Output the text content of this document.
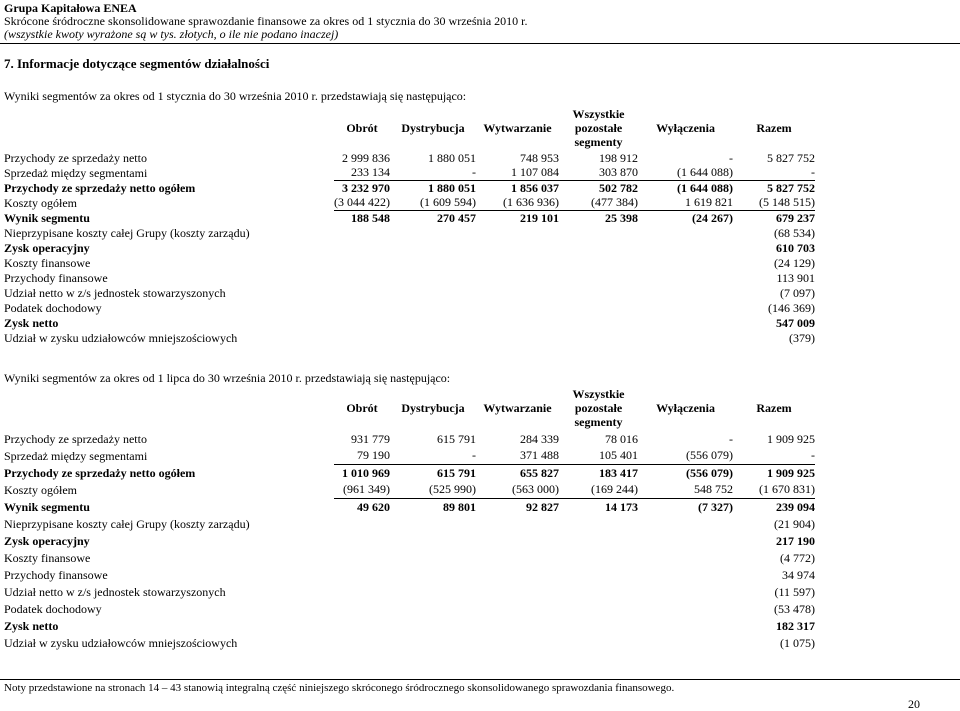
Grupa Kapitałowa ENEA
Skrócone śródroczne skonsolidowane sprawozdanie finansowe za okres od 1 stycznia do 30 września 2010 r.
(wszystkie kwoty wyrażone są w tys. złotych, o ile nie podano inaczej)
7. Informacje dotyczące segmentów działalności
Wyniki segmentów za okres od 1 stycznia do 30 września 2010 r. przedstawiają się następująco:
	Obrót	Dystrybucja	Wytwarzanie	Wszystkie
pozostałe
segmenty	Wyłączenia	Razem
Przychody ze sprzedaży netto	2 999 836	1 880 051	748 953	198 912	-	5 827 752
Sprzedaż między segmentami	233 134	-	1 107 084	303 870	(1 644 088)	-
Przychody ze sprzedaży netto ogółem	3 232 970	1 880 051	1 856 037	502 782	(1 644 088)	5 827 752
Koszty ogółem	(3 044 422)	(1 609 594)	(1 636 936)	(477 384)	1 619 821	(5 148 515)
Wynik segmentu	188 548	270 457	219 101	25 398	(24 267)	679 237
Nieprzypisane koszty całej Grupy (koszty zarządu)						(68 534)
Zysk operacyjny						610 703
Koszty finansowe						(24 129)
Przychody finansowe						113 901
Udział netto w z/s jednostek stowarzyszonych						(7 097)
Podatek dochodowy						(146 369)
Zysk netto						547 009
Udział w zysku udziałowców mniejszościowych						(379)
Wyniki segmentów za okres od 1 lipca do 30 września 2010 r. przedstawiają się następująco:
	Obrót	Dystrybucja	Wytwarzanie	Wszystkie
pozostałe
segmenty	Wyłączenia	Razem
Przychody ze sprzedaży netto	931 779	615 791	284 339	78 016	-	1 909 925
Sprzedaż między segmentami	79 190	-	371 488	105 401	(556 079)	-
Przychody ze sprzedaży netto ogółem	1 010 969	615 791	655 827	183 417	(556 079)	1 909 925
Koszty ogółem	(961 349)	(525 990)	(563 000)	(169 244)	548 752	(1 670 831)
Wynik segmentu	49 620	89 801	92 827	14 173	(7 327)	239 094
Nieprzypisane koszty całej Grupy (koszty zarządu)						(21 904)
Zysk operacyjny						217 190
Koszty finansowe						(4 772)
Przychody finansowe						34 974
Udział netto w z/s jednostek stowarzyszonych						(11 597)
Podatek dochodowy						(53 478)
Zysk netto						182 317
Udział w zysku udziałowców mniejszościowych						(1 075)
Noty przedstawione na stronach 14 – 43 stanowią integralną część niniejszego skróconego śródrocznego skonsolidowanego sprawozdania finansowego.
20
